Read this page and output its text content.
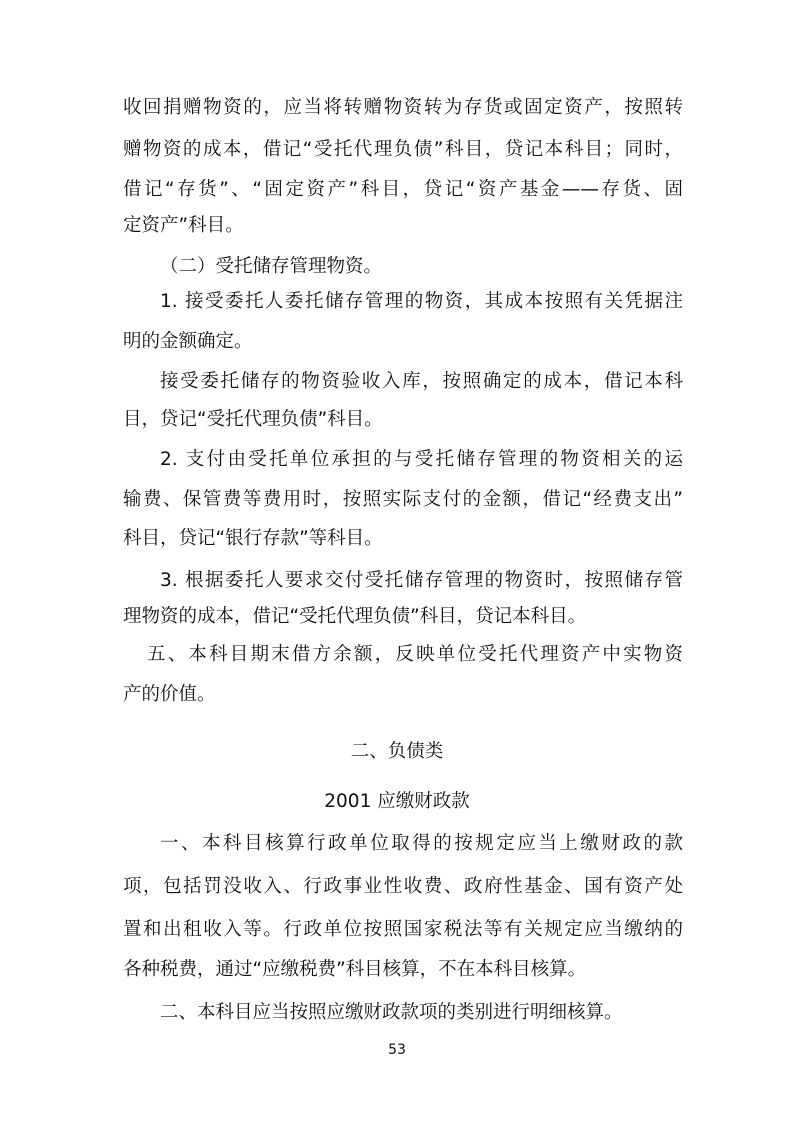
收回捐赠物资的，应当将转赠物资转为存货或固定资产，按照转
赠物资的成本，借记“受托代理负债”科目，贷记本科目；同时，
借记“存货”、“固定资产”科目，贷记“资产基金——存货、固
定资产”科目。
（二）受托储存管理物资。
1. 接受委托人委托储存管理的物资，其成本按照有关凭据注
明的金额确定。
接受委托储存的物资验收入库，按照确定的成本，借记本科
目，贷记“受托代理负债”科目。
2. 支付由受托单位承担的与受托储存管理的物资相关的运
输费、保管费等费用时，按照实际支付的金额，借记“经费支出”
科目，贷记“银行存款”等科目。
3. 根据委托人要求交付受托储存管理的物资时，按照储存管
理物资的成本，借记“受托代理负债”科目，贷记本科目。
五、本科目期末借方余额，反映单位受托代理资产中实物资
产的价值。
二、负债类
2001 应缴财政款
一、本科目核算行政单位取得的按规定应当上缴财政的款
项，包括罚没收入、行政事业性收费、政府性基金、国有资产处
置和出租收入等。行政单位按照国家税法等有关规定应当缴纳的
53
各种税费，通过“应缴税费”科目核算，不在本科目核算。
二、本科目应当按照应缴财政款项的类别进行明细核算。
